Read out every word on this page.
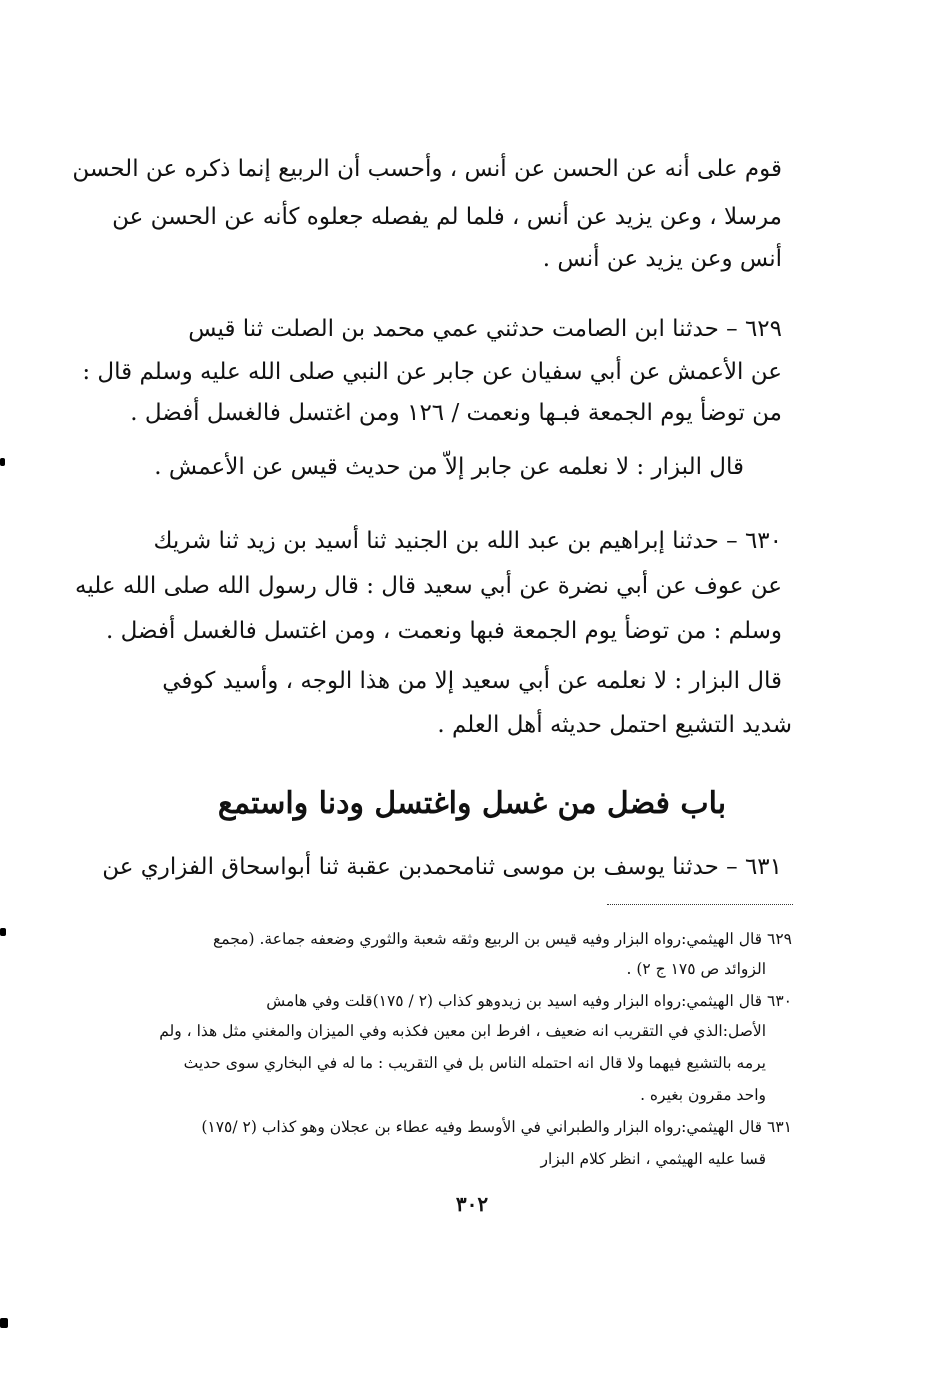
قوم على أنه عن الحسن عن أنس ، وأحسب أن الربيع إنما ذكره عن الحسن
مرسلا ، وعن يزيد عن أنس ، فلما لم يفصله جعلوه كأنه عن الحسن عن
أنس وعن يزيد عن أنس .
٦٢٩ – حدثنا ابن الصامت حدثني عمي محمد بن الصلت ثنا قيس
عن الأعمش عن أبي سفيان عن جابر عن النبي صلى الله عليه وسلم قال :
من توضأ يوم الجمعة فبـها ونعمت / ١٢٦ ومن اغتسل فالغسل أفضل .
قال البزار : لا نعلمه عن جابر إلاّ من حديث قيس عن الأعمش .
٦٣٠ – حدثنا إبراهيم بن عبد الله بن الجنيد ثنا أسيد بن زيد ثنا شريك
عن عوف عن أبي نضرة عن أبي سعيد قال : قال رسول الله صلى الله عليه
وسلم : من توضأ يوم الجمعة فبها ونعمت ، ومن اغتسل فالغسل أفضل .
قال البزار : لا نعلمه عن أبي سعيد إلا من هذا الوجه ، وأسيد كوفي
شديد التشيع احتمل حديثه أهل العلم .
باب فضل من غسل واغتسل ودنا واستمع
٦٣١ – حدثنا يوسف بن موسى ثنامحمدبن عقبة ثنا أبواسحاق الفزاري عن
٦٢٩ قال الهيثمي:رواه البزار وفيه قيس بن الربيع وثقه شعبة والثوري وضعفه جماعة. (مجمع
الزوائد ص ١٧٥ ج ٢) .
٦٣٠ قال الهيثمي:رواه البزار وفيه اسيد بن زيدوهو كذاب (٢ / ١٧٥)قلت وفي هامش
الأصل:الذي في التقريب انه ضعيف ، افرط ابن معين فكذبه وفي الميزان والمغني مثل هذا ، ولم
يرمه بالتشيع فيهما ولا قال انه احتمله الناس بل في التقريب : ما له في البخاري سوى حديث
واحد مقرون بغيره .
٦٣١ قال الهيثمي:رواه البزار والطبراني في الأوسط وفيه عطاء بن عجلان وهو كذاب (٢ /١٧٥)
قسا عليه الهيثمي ، انظر كلام البزار
٣٠٢
